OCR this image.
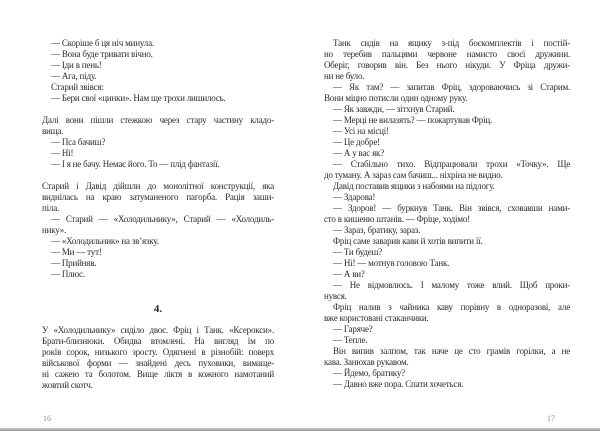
— Скоріше б ця ніч минула.
— Вона буде тривати вічно.
— Іди в пень!
— Ага, піду.
Старий звівся:
— Бери свої «цинки». Нам ще трохи лишилось.
Далі вони пішли стежкою через стару частину кладо-
вища.
— Пса бачиш?
— Ні!
— І я не бачу. Немає його. То — плід фантазії.
Старий і Давід дійшли до монолітної конструкції, яка
виднілась на краю затуманеного пагорба. Рація заши-
піла.
— Старий — «Холодильнику», Старий — «Холодиль-
нику».
— «Холодильник» на зв’язку.
— Ми — тут!
— Прийняв.
— Плюс.
4.
У «Холодильнику» сиділо двоє. Фріц і Танк. «Ксерокси».
Брати-близнюки. Обидва втомлені. На вигляд їм по
років сорок, низького зросту. Одягнені в різнобій: поверх
військової форми — знайдені десь пуховики, вимаще-
ні сажею та болотом. Вище ліктя в кожного намотаний
жовтий скотч.
Танк сидів на ящику з-під боєкомплектів і постій-
но теребив пальцями червоне намисто своєї дружини.
Оберіг, говорив він. Без нього нікуди. У Фріца дружи-
ни не було.
— Як там? — запитав Фріц, здороваючись зі Старим.
Вони міцно потисли один одному руку.
— Як завжди, — зітхнув Старий.
— Мерці не вилазять? — пожартував Фріц.
— Усі на місці!
— Це добре!
— А у вас як?
— Стабільно тихо. Відпрацювали трохи «Точку». Ще
до туману. А зараз сам бачиш... ніхріна не видно.
Давід поставив ящики з набоями на підлогу.
— Здарова!
— Здоров! — буркнув Танк. Він звівся, сховавши нами-
сто в кишеню штанів. — Фріце, ходімо!
— Зараз, братику, зараз.
Фріц саме заварив кави й хотів випити її.
— Ти будеш?
— Ні! — мотнув головою Танк.
— А ви?
— Не відмовлюсь. І малому тоже влий. Щоб проки-
нувся.
Фріц налив з чайника каву порівну в одноразові, але
вже користовані стаканчики.
— Гаряче?
— Тепле.
Він випив залпом, так наче це сто грамів горілки, а не
кава. Занюхав рукавом.
— Йдемо, братику?
— Давно вже пора. Спати хочеться.
16	17
